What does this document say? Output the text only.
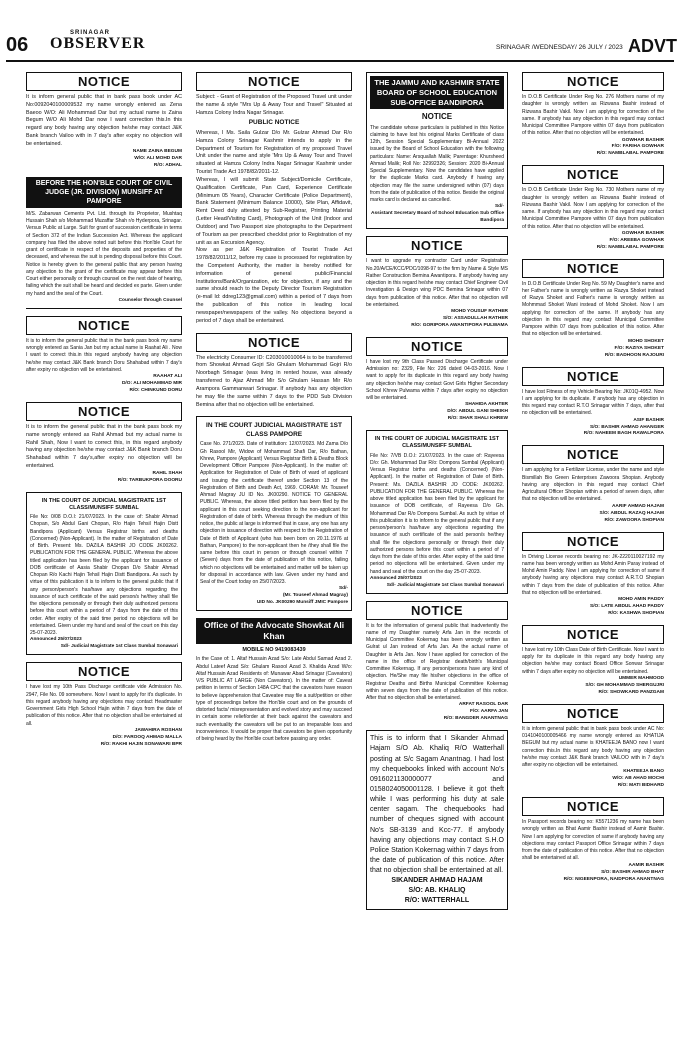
06
SRINAGAR
OBSERVER	SRINAGAR /WEDNESDAY/ 26 JULY / 2023 ADVT
NOTICE
It is inform general public that in bank pass book under AC No:0092040100009532 my name wrongly entered as Zena Baeoo W/O: Ali Mohammad Dar but my actual name is Zaina Begum W/O Ali Mohd Dar now I want correction this.In this regard any body having any objection he/she may contact J&K Bank branch Vailoo with in 7 day's after expiry no objection will be entertained.
NAME ZAINA BEGUM
W/O: ALI MOHD DAR
R/O: ADHAL
BEFORE THE HON'BLE COURT OF CIVIL JUDGE (JR. DIVISION) MUNSIFF AT PAMPORE
M/S. Zabarwan Cements Pvt. Ltd. through its Proprietor, Mushtaq Hussain Shah s/o Mohammad Muzaffar Shah r/o Hyderpora, Srinagar. Versus Public at Large. Suit for grant of succession certificate in terms of Section 372 of the Indian Succession Act. Whereas the applicant company has filed the above noted suit before this Hon'ble Court for grant of certificate in respect of the deposits and properties of the deceased, and whereas the suit is pending disposal before this Court. Notice is hereby given to the general public that any person having any objection to the grant of the certificate may appear before this Court either personally or through counsel on the next date of hearing, failing which the suit shall be heard and decided ex parte. Given under my hand and the seal of the Court.
Counselor through Counsel
NOTICE
It is to inform the general public that in the bank pass book my name wrongly entered as Sania Jan but my actual name is Raahat Ali . Now I want to correct this.in this regard anybody having any objection he/she may contact J&K Bank branch Doru Shahabad within 7 day's after expiry no objection will be entertained.
RAAHAT ALI
D/O: ALI MOHAMMAD MIR
R/O: CHINKUND DORU
NOTICE
It is to inform the general public that in the bank pass book my name wrongly entered as Rahil Ahmad but my actual name is Rahil Shah, Now I want to correct this, in this regard anybody having any objection he/she may contact J&K Bank branch Doru Shahabad within 7 day's,after expiry no objection will be entertained.
RAHIL SHAH
R/O: TARBUKPORA DOORU
IN THE COURT OF JUDICIAL MAGISTRATE 1ST CLASS/MUNSIFF SUMBAL
File No: 0/08 D.O.I: 21/07/2023. In the case of: Shabir Ahmad Chopan, S/o Abdul Gani Chopan, R/o Hajin Tehsil Hajin Distt Bandipora (Applicant) Versus Registrar births and deaths (Concerned) (Non-Applicant). In the matter of Registration of Date of Birth. Present: Ms. DAZILA BASHIR JO CODE JK00262. PUBLICATION FOR THE GENERAL PUBLIC. Whereas the above titled application has been filed by the applicant for issuance of DOB certificate of Aasia Shabir Chopan D/o Shabir Ahmad Chopan R/o Kachi Hajin Tehsil Hajin Distt Bandipora. As such by virtue of this publication it is to inform to the general public that if any person/person's has/have any objections regarding the issuance of such certificate of the said person/s he/they shall file the objections personally or through their duly authorized persons before this court within a period of 7 days from the date of this order. After expiry of the said time period no objections will be entertained. Given under my hand and seal of the court on this day 25-07-2023.
Announced 25/07/2023
Sd/- Judicial Magistrate 1st Class Sumbal Sonawari
NOTICE
I have lost my 10th Pass Discharge certificate vide Admission No. 2947, File No. 09 somewhere. Now I want to apply for it's duplicate. In this regard anybody having any objections may contact Headmaster Government Girls High School Hajin within 7 days from the date of publication of this notice. After that no objection shall be entertained at all.
JAWAHIRA ROSHAN
D/O: FAROOQ AHMAD MALLA
R/O: RAKHI HAJIN SONAWARI BPR
NOTICE
Subject: - Grant of Registration of the Proposed Travel unit under the name & style "Mrs Up & Away Tour and Travel" Situated at Hamza Colony Indra Nagar Srinagar.
PUBLIC NOTICE
Whereas, I Ms. Saila Gulzar D/o Mr. Gulzar Ahmad Dar R/o Hamza Colony Srinagar Kashmir intends to apply in the Department of Tourism for Registration of my proposed Travel Unit under the name and style 'Mrs Up & Away Tour and Travel situated at Hamza Colony Indra Nagar Srinagar Kashmir under Tourist Trade Act 1978/82/2011-12.
Whereas, I will submit State Subject/Domicile Certificate, Qualification Certificate, Pan Card, Experience Certificate (Minimum 05 Years), Character Certificate (Police Department), Bank Statement (Minimum Balance 10000), Site Plan, Affidavit, Rent Deed duly attested by Sub-Registrar, Printing Material (Letter Head/Visiting Card), Photograph of the Unit (Indoor and Outdoor) and Two Passport size photographs to the Department of Tourism as per prescribed checklist prior to Registration of my unit as an Excursion Agency.
Now as per J&K Registration of Tourist Trade Act 1978/82/2011/12, before my case is processed for registration by the Competent Authority, the matter is hereby notified for information of general public/Financial Institutions/Bank/Organization, etc for objection, if any and the same should reach to the Deputy Director Tourism Registration (e-mail Id: ddreg123@gmail.com) within a period of 7 days from the publication of this notice in leading local newspaper/newspapers of the valley. No objections beyond a period of 7 days shall be entertained.
NOTICE
The electricity Consumer ID: C203010010064 is to be transferred from Showkat Ahmad Gojri S/o Ghulam Mohammad Gojri R/o Noorbagh Srinagar (was living in rented house, was already transferred to Ajaz Ahmad Mir S/o Ghulam Hassan Mir R/o Arampora Gammanwari Srinagar. If anybody has any objection he may file the same within 7 days to the PDD Sub Division Bemina after that no objection will be entertained.
IN THE COURT JUDICIAL MAGISTRATE 1ST CLASS PAMPORE
Case No. 271/2023. Date of institution: 12/07/2023. Md Zama D/o Gh Rasool Mir, Widow of Mohammad Shafi Dar, R/o Bathan, Khrew, Pampore (Applicant) Versus Registrar Birth & Deaths Block Development Officer Pampore (Non-Applicant). In the matter of: Application for Registration of Date of Birth of ward of applicant and issuing the certificate thereof under Section 13 of the Registration of Birth and Death Act, 1969. CORAM: Mr. Touseef Ahmad Magray JU ID No. JK00290. NOTICE TO GENERAL PUBLIC. Whereas, the above titled petition has been filed by the applicant in this court seeking direction to the non-applicant for Registration of date of birth. Whereas through the medium of this notice, the public at large is informed that in case, any one has any objection in issuance of direction with respect to the Registration of Date of Birth of Applicant (who has been born on 20.11.1976 at Bathan, Pampore) to the non-applicant then he /they shall file the same before this court in person or through counsel within 7 (Seven) days from the date of publication of this notice, failing which no objections will be entertained and matter will be taken up for disposal in accordance with law. Given under my hand and Seal of the Court today on 25/07/2023.
Sd/-
(Mr. Touseef Ahmad Magray)
UID No. JK00290 Munsiff JMIC Pampore
Office of the Advocate Showkat Ali Khan
MOBILE NO 9419083439
In the Case of: 1. Altaf Hussain Azad S/o: Late Abdul Samad Azad 2. Abdul Lateef Azad S/o: Ghulam Rasool Azad 3. Khalida Azad W/o: Altaf Hussain Azad Residents of: Munawar Abad Srinagar (Caveators) V/S PUBLIC AT LARGE (Non Caveators). In the matter of: Caveat petition in terms of Section 148A CPC that the caveators have reason to believe /apprehension that Caveatee may file a suit/petition or other type of proceedings before the Hon'ble court and on the grounds of distorted facts/ misrepresentation and evolved story and may succeed in certain some relief/order at their back against the caveators and such eventuality the caveators will be put to an irreparable loss and inconvenience. It would be proper that caveators be given opportunity of being heard by the Hon'ble court before passing any order.
THE JAMMU AND KASHMIR STATE BOARD OF SCHOOL EDUCATION SUB-OFFICE BANDIPORA
NOTICE
The candidate whose particulars is published in this Notice claiming to have lost his original Marks Certificate of class 12th, Session Special Supplementary Bi-Annual 2022 issued by the Board of School Education with the following particulars: Name: Arsquallah Malik; Parentage: Khursheed Ahmad Malik; Roll No: 32992326; Session: 2020 Bi-Annual Special Supplementary. Now the candidates have applied for the duplicate Marks card. Anybody if having any objection may file the same undersigned within (07) days from the date of publication of this notice. Beside the original marks card is declared as cancelled.
Sd/-
Assistant Secretary Board of School Education Sub Office Bandipora
NOTICE
I want to upgrade my contractor Card under Registration No.20/A/CE/KCC/PDC/1098-97 to the firm by Name & Style MS Rather Construction Bemina Awantipora. If anybody having any objection in this regard he/she may contact Chief Engineer Civil Investigation & Design wing PDC Bemina Srinagar within 07 days from publication of this notice. After that no objection will be entertained.
MOHD YOUSUF RATHER
S/O: ASSADULLAH RATHER
R/O: GORIPORA AWANTIPORA PULWAMA
NOTICE
I have lost my 9th Class Passed Discharge Certificate under Admission no: 2329, File No: 226 dated 04-03-2016. Now I want to apply for its duplicate in this regard any body having any objection he/she may contact Govt Girls Higher Secondary School Khrew Pulwama within 7 days after expiry no objection will be entertained.
SHAHIDA AKHTER
D/O: ABDUL GANI SHEIKH
R/O: SHAR SHALI KHREW
IN THE COURT OF JUDICIAL MAGISTRATE 1ST CLASS/MUNSIFF SUMBAL
File No: 7/VB D.O.I: 21/07/2023. In the case of: Rayeesa D/o: Gh. Mohammad Dar R/o: Dompora Sumbal (Applicant) Versus Registrar births and deaths (Concerned) (Non-Applicant). In the matter of: Registration of Date of Birth. Present: Ms. DAZILA BASHIR JO CODE: JK00262. PUBLICATION FOR THE GENERAL PUBLIC. Whereas the above titled application has been filed by the applicant for issuance of DOB certificate, of Rayeesa D/o Gh. Mohammad Dar R/o Dompora Sumbal. As such by virtue of this publication it is to inform to the general public that if any person/person's has/have any objections regarding the issuance of such certificate of the said person/s he/they shall file the objections personally or through their duly authorized persons before this court within a period of 7 days from the date of this order. After expiry of the said time period no objections will be entertained. Given under my hand and seal of the court on the day 25-07-2023.
Announced 25/07/2023
Sd/- Judicial Magistrate 1st Class Sumbal Sonawari
NOTICE
It is for the information of general public that inadvertently the name of my Daughter namely Arfa Jan in the records of Municipal Committee Kokernag has been wrongly written as Gulrat ul Jan instead of Arfa Jan. As the actual name of Daughter is Arfa Jan. Now I have applied for correction of the name in the office of Registrar death/birth's Municipal Committee Kokernag. If any person/persons have any kind of objection. He/She may file his/her objections in the office of Registrar Deaths and Births Municipal Committee Kokernag within seven days from the date of publication of this notice. After that no objection shall be entertained.
ARFAT RASOOL DAR
F/O: AARFA JAN
R/O: BANGDER ANANTNAG
This is to inform that I Sikander Ahmad Hajam S/O Ab. Khaliq R/O Watterhall posting at S/c Sagam Anantnag. I had lost my chequebooks linked with account No's 0916021130000077 and 0158024050001128. I believe it got theft while I was performing his duty at sale center sagam. The chequebooks had number of cheques signed with account No's SB-3139 and Kcc-77. If anybody having any objections may contact S.H.O Police Station Kokernag within 7 days from the date of publication of this notice. After that no objection shall be entertained at all.
SIKANDER AHMAD HAJAM
S/O: AB. KHALIQ
R/O: WATTERHALL
NOTICE
In D.O.B Certificate Under Reg No. 276 Mothers name of my daughter is wrongly written as Rizwana Bashir instead of Rizwana Bashir Vakil. Now I am applying for correction of the same. If anybody has any objection in this regard may contact Municipal Committee Pampore within 07 days from publication of this notice. After that no objection will be entertained.
GOWHAR BASHIR
F/O: FARIHA GOWHAR
R/O: NAMBLABAL PAMPORE
NOTICE
In D.O.B Certificate Under Reg No. 730 Mothers name of my daughter is wrongly written as Rizwana Bashir instead of Rizwana Bashir Vakil. Now I am applying for correction of the same. If anybody has any objection in this regard may contact Municipal Committee Pampore within 07 days from publication of this notice. After that no objection will be entertained.
GOWHAR BASHIR
F/O: AREEBA GOWHAR
R/O: NAMBLABAL PAMPORE
NOTICE
In D.O.B Certificate Under Reg No. 59 My Daughter's name and her Father's name is wrongly written as Razya Shoket instead of Razya Shoket and Father's name is wrongly written as Mohmmad Shoket Wani instead of Mohd Shoket. Now I am applying for correction of the same. If anybody has any objection in this regard may contact Municipal Committee Pampore within 07 days from publication of this notice. After that no objection will be entertained.
MOHD SHOKET
F/O: RAZIYA SHOKET
R/O: BADHOON RAJOURI
NOTICE
I have lost Fitness of my Vehicle Bearing No: JK01Q-4952. Now I am applying for its duplicate. If anybody has any objection in this regard may contact R.T.O Srinagar within 7 days, after that no objection will be entertained.
ASIF BASHIR
S/O: BASHIR AHMAD AHANGER
R/O: NAHEEM BAGH RAWALPORA
NOTICE
I am applying for a Fertilizer License, under the name and style Bismillah Bio Green Enterprises Zawoora Shopian. Anybody having any objection in this regard may contact Chief Agricultural Officer Shopian within a period of seven days, after that no objection will be entertained.
AARIF AHMAD HAJAM
S/O: ABDUL RAZAQ HAJAM
R/O: ZAWOORA SHOPIAN
NOTICE
In Driving License records bearing no: JK-2220110027192 my name has been wrongly written as Mohd Amin Paray instead of Mohd Amin Paddy. Now I am applying for correction of same if anybody having any objections may contact A.R.T.O Shopian within 7 days from the date of publication of this notice. After that no objection will be entertained.
MOHD AMIN PADDY
S/O: LATE ABDUL AHAD PADDY
R/O: KASHWA SHOPIAN
NOTICE
I have lost my 10th Class Date of Birth Certificate. Now I want to apply for its duplicate in this regard any body having any objection he/she may contact Board Office Sonwar Srinagar within 7 days after expiry no objection will be entertained.
UMMER MAHMOOD
S/O: GH MOHAMMAD SHERGUJRI
R/O: SHOWKARD PANZGAM
NOTICE
It is inform general public that in bank pass book under AC No: 0141040100005466 my name wrongly entered as KHATIJA BEGUM but my actual name is KHATEEJA BANO now I want correction this.In this regard any body having any objection he/she may contact J&K Bank branch VAILOO with in 7 day's after expiry no objection will be entertained.
KHATEEJA BANO
W/O: AB AHAD MOCHI
R/O: MATI BIDHARD
NOTICE
In Passport records bearing no: K5571236 my name has been wrongly written as Bhat Aamir Bashir instead of Aamir Bashir. Now I am applying for correction of same if anybody having any objections may contact Passport Office Srinagar within 7 days from the date of publication of this notice. After that no objection shall be entertained at all.
AAMIR BASHIR
S/O: BASHIR AHMAD BHAT
R/O: NIGEENPORA, NAIDPORA ANANTNAG
